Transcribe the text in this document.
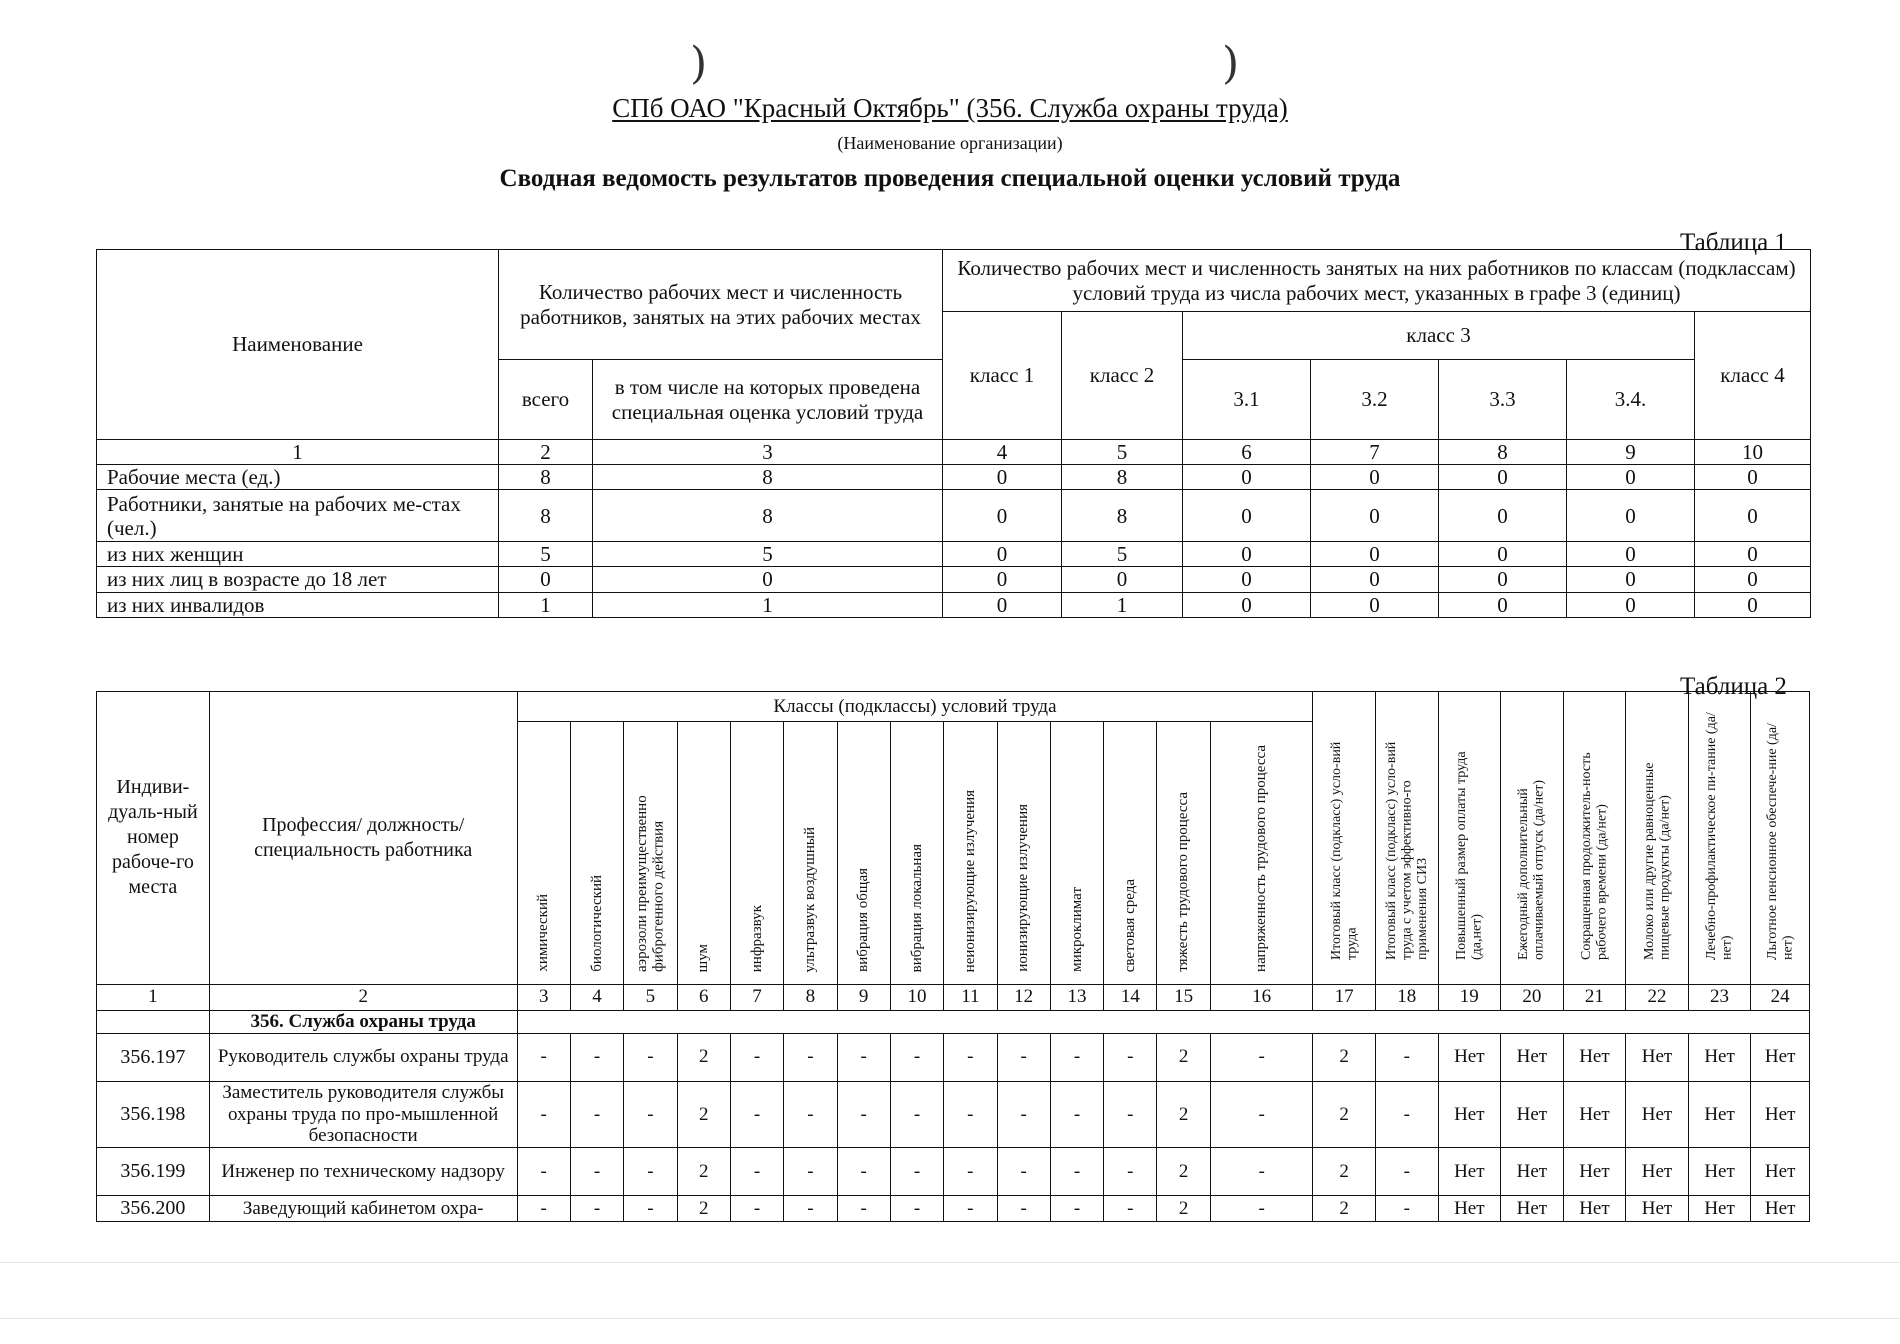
)	)
СПб ОАО "Красный Октябрь" (356. Служба охраны труда)
(Наименование организации)
Сводная ведомость результатов проведения специальной оценки условий труда
Таблица 1
Наименование	Количество рабочих мест и численность работников, занятых на этих рабочих местах		Количество рабочих мест и численность занятых на них работников по классам (подклассам) условий труда из числа рабочих мест, указанных в графе 3 (единиц)						
			класс 1	класс 2	класс 3				класс 4
	всего	в том числе на которых проведена специальная оценка условий труда			3.1	3.2	3.3	3.4.	
1	2	3	4	5	6	7	8	9	10
Рабочие места (ед.)	8	8	0	8	0	0	0	0	0
Работники, занятые на рабочих ме-стах (чел.)	8	8	0	8	0	0	0	0	0
из них женщин	5	5	0	5	0	0	0	0	0
из них лиц в возрасте до 18 лет	0	0	0	0	0	0	0	0	0
из них инвалидов	1	1	0	1	0	0	0	0	0
Таблица 2
Индиви-дуаль-ный номер рабоче-го места	Профессия/ должность/ специальность работника	Классы (подклассы) условий труда														Итоговый класс (подкласс) усло-вий труда	Итоговый класс (подкласс) усло-вий труда с учетом эффективно-го применения СИЗ	Повышенный размер оплаты труда (да,нет)	Ежегодный дополнительный оплачиваемый отпуск (да/нет)	Сокращенная продолжитель-ность рабочего времени (да/нет)	Молоко или другие равноценные пищевые продукты (да/нет)	Лечебно-профилактическое пи-тание (да/нет)	Льготное пенсионное обеспече-ние (да/нет)
		химический	биологический	аэрозоли преимущественно фиброгенного действия	шум	инфразвук	ультразвук воздушный	вибрация общая	вибрация локальная	неионизирующие излучения	ионизирующие излучения	микроклимат	световая среда	тяжесть трудового процесса	напряженность трудового процесса								
1	2	3	4	5	6	7	8	9	10	11	12	13	14	15	16	17	18	19	20	21	22	23	24
	356. Служба охраны труда																						
356.197	Руководитель службы охраны труда	-	-	-	2	-	-	-	-	-	-	-	-	2	-	2	-	Нет	Нет	Нет	Нет	Нет	Нет
356.198	Заместитель руководителя службы охраны труда по про-мышленной безопасности	-	-	-	2	-	-	-	-	-	-	-	-	2	-	2	-	Нет	Нет	Нет	Нет	Нет	Нет
356.199	Инженер по техническому надзору	-	-	-	2	-	-	-	-	-	-	-	-	2	-	2	-	Нет	Нет	Нет	Нет	Нет	Нет
356.200	Заведующий кабинетом охра-	-	-	-	2	-	-	-	-	-	-	-	-	2	-	2	-	Нет	Нет	Нет	Нет	Нет	Нет
